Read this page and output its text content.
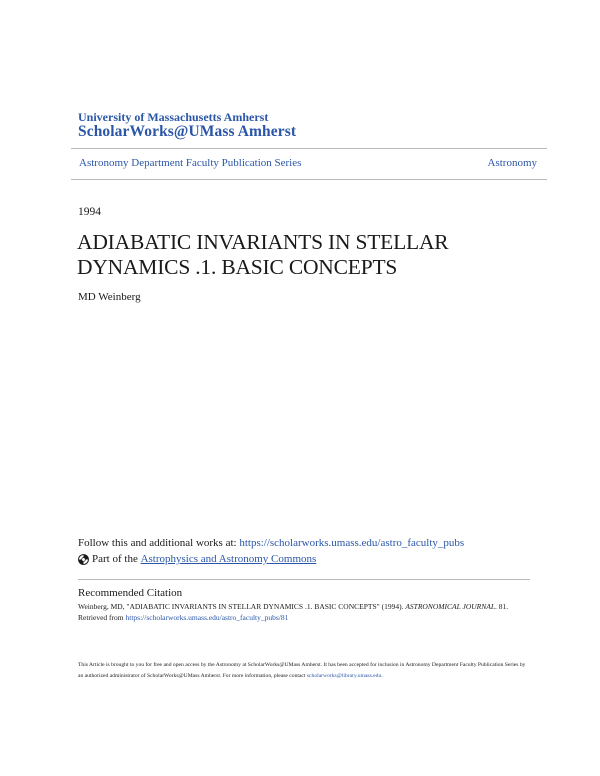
University of Massachusetts Amherst
ScholarWorks@UMass Amherst
Astronomy Department Faculty Publication Series	Astronomy
1994
ADIABATIC INVARIANTS IN STELLAR
DYNAMICS .1. BASIC CONCEPTS
MD Weinberg
Follow this and additional works at: https://scholarworks.umass.edu/astro_faculty_pubs
Part of the
Astrophysics and Astronomy Commons
Recommended Citation
Weinberg, MD, "ADIABATIC INVARIANTS IN STELLAR DYNAMICS .1. BASIC CONCEPTS" (1994). ASTRONOMICAL JOURNAL. 81.
Retrieved from https://scholarworks.umass.edu/astro_faculty_pubs/81
This Article is brought to you for free and open access by the Astronomy at ScholarWorks@UMass Amherst. It has been accepted for inclusion in Astronomy Department Faculty Publication Series by an authorized administrator of ScholarWorks@UMass Amherst. For more information, please contact scholarworks@library.umass.edu.
